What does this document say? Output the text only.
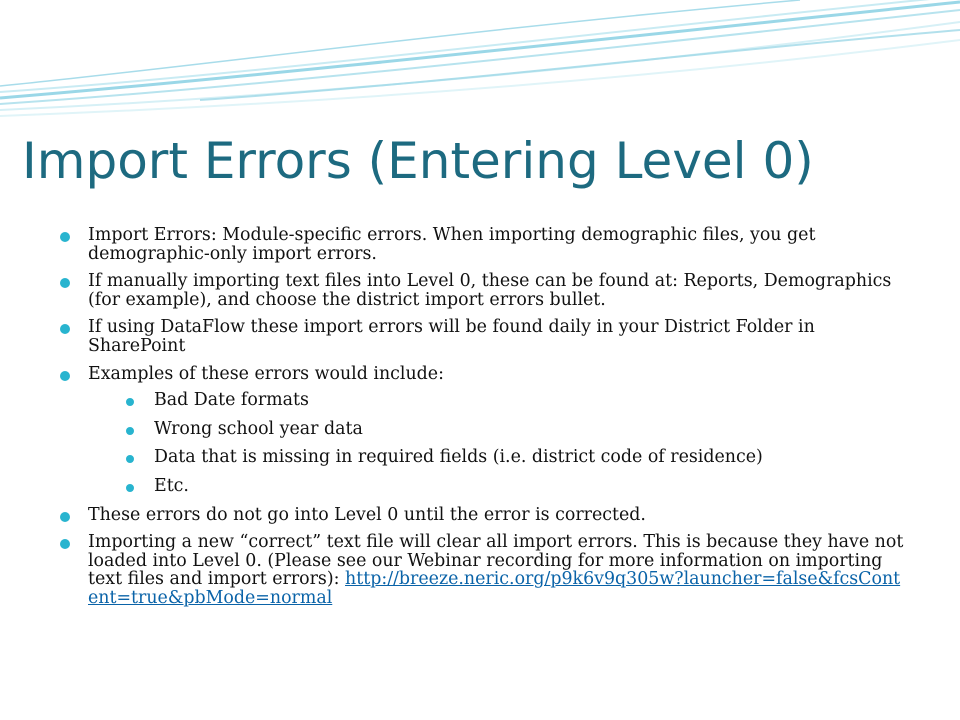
Import Errors (Entering Level 0)
Import Errors: Module-specific errors. When importing demographic files, you get demographic-only import errors.
If manually importing text files into Level 0, these can be found at: Reports, Demographics (for example), and choose the district import errors bullet.
If using DataFlow these import errors will be found daily in your District Folder in SharePoint
Examples of these errors would include:
Bad Date formats
Wrong school year data
Data that is missing in required fields (i.e. district code of residence)
Etc.
These errors do not go into Level 0 until the error is corrected.
Importing a new “correct” text file will clear all import errors. This is because they have not loaded into Level 0. (Please see our Webinar recording for more information on importing text files and import errors): http://breeze.neric.org/p9k6v9q305w?launcher=false&fcsContent=true&pbMode=normal
